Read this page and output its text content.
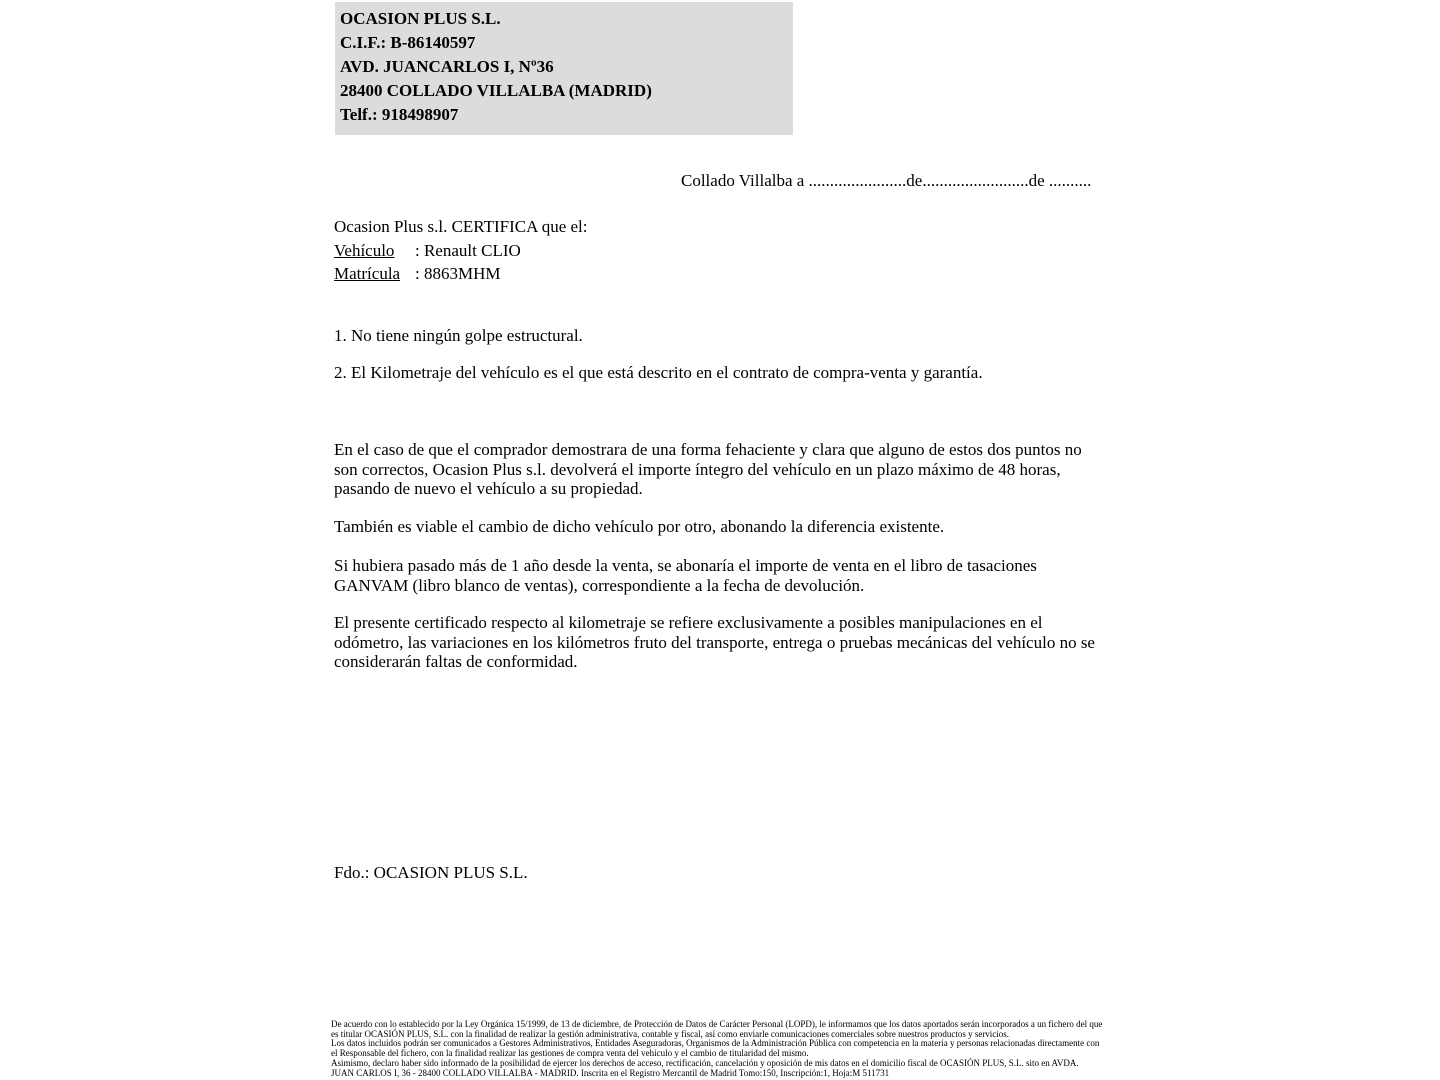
OCASION PLUS S.L.
C.I.F.: B-86140597
AVD. JUANCARLOS I, Nº36
28400 COLLADO VILLALBA (MADRID)
Telf.: 918498907
Collado Villalba a .......................de.........................de ..........
Ocasion Plus s.l. CERTIFICA que el:
Vehículo : Renault CLIO
Matrícula : 8863MHM
1. No tiene ningún golpe estructural.
2. El Kilometraje del vehículo es el que está descrito en el contrato de compra-venta y garantía.
En el caso de que el comprador demostrara de una forma fehaciente y clara que alguno de estos dos puntos no son correctos, Ocasion Plus s.l. devolverá el importe íntegro del vehículo en un plazo máximo de 48 horas, pasando de nuevo el vehículo a su propiedad.
También es viable el cambio de dicho vehículo por otro, abonando la diferencia existente.
Si hubiera pasado más de 1 año desde la venta, se abonaría el importe de venta en el libro de tasaciones GANVAM (libro blanco de ventas), correspondiente a la fecha de devolución.
El presente certificado respecto al kilometraje se refiere exclusivamente a posibles manipulaciones en el odómetro, las variaciones en los kilómetros fruto del transporte, entrega o pruebas mecánicas del vehículo no se considerarán faltas de conformidad.
Fdo.: OCASION PLUS S.L.
De acuerdo con lo establecido por la Ley Orgánica 15/1999, de 13 de diciembre, de Protección de Datos de Carácter Personal (LOPD), le informamos que los datos aportados serán incorporados a un fichero del que es titular OCASIÓN PLUS, S.L. con la finalidad de realizar la gestión administrativa, contable y fiscal, así como enviarle comunicaciones comerciales sobre nuestros productos y servicios.
Los datos incluidos podrán ser comunicados a Gestores Administrativos, Entidades Aseguradoras, Organismos de la Administración Pública con competencia en la materia y personas relacionadas directamente con el Responsable del fichero, con la finalidad realizar las gestiones de compra venta del vehículo y el cambio de titularidad del mismo.
Asimismo, declaro haber sido informado de la posibilidad de ejercer los derechos de acceso, rectificación, cancelación y oposición de mis datos en el domicilio fiscal de OCASIÓN PLUS, S.L. sito en AVDA. JUAN CARLOS I, 36 - 28400 COLLADO VILLALBA - MADRID. Inscrita en el Registro Mercantil de Madrid Tomo:150, Inscripción:1, Hoja:M 511731
